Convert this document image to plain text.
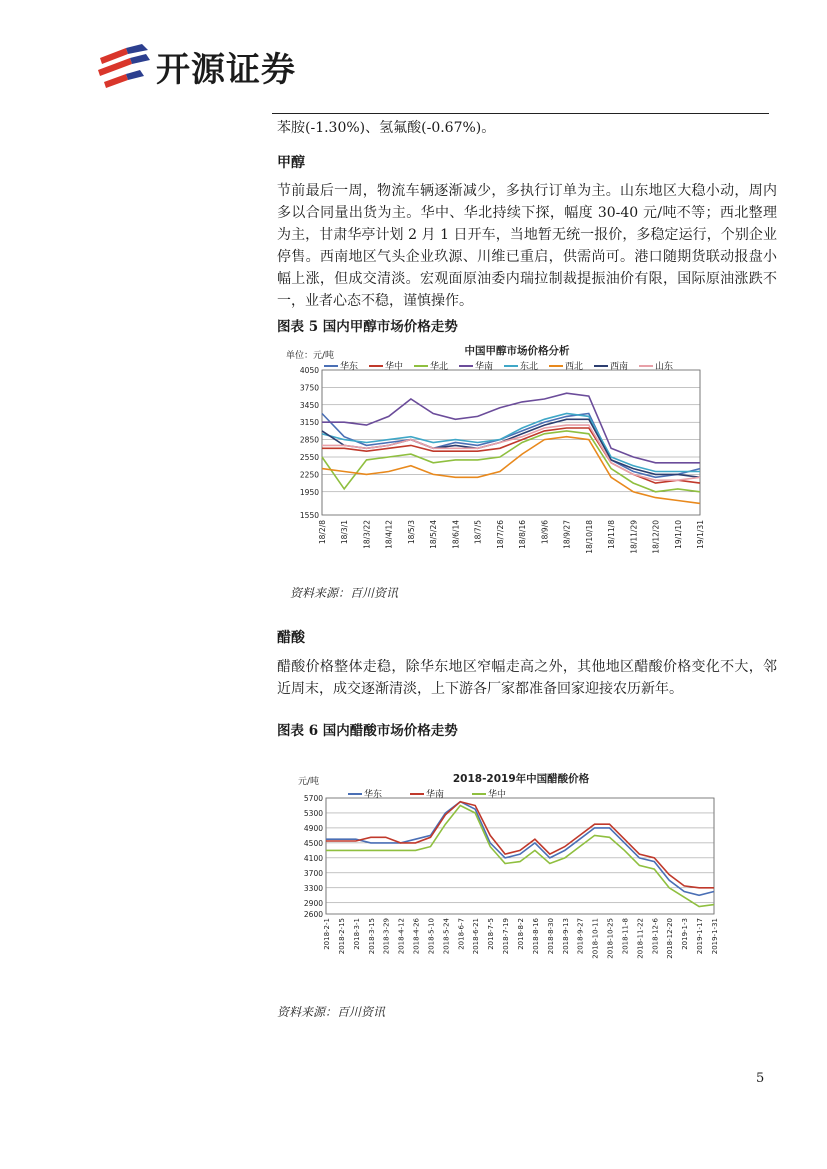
开源证券
苯胺(-1.30%)、氢氟酸(-0.67%)。
甲醇
节前最后一周，物流车辆逐渐减少，多执行订单为主。山东地区大稳小动，周内多以合同量出货为主。华中、华北持续下探，幅度 30-40 元/吨不等；西北整理为主，甘肃华亭计划 2 月 1 日开车，当地暂无统一报价，多稳定运行，个别企业停售。西南地区气头企业玖源、川维已重启，供需尚可。港口随期货联动报盘小幅上涨，但成交清淡。宏观面原油委内瑞拉制裁提振油价有限，国际原油涨跌不一，业者心态不稳，谨慎操作。
图表 5 国内甲醇市场价格走势
中国甲醇市场价格分析
单位：元/吨
华东	华中	华北	华南	东北	西北	西南	山东
4050
3750
3450
3150
2850
2550
2250
1950
1550
18/2/8 18/3/1 18/3/22 18/4/12 18/5/3 18/5/24 18/6/14 18/7/5 18/7/26 18/8/16 18/9/6 18/9/27 18/10/18 18/11/8 18/11/29 18/12/20 19/1/10 19/1/31
资料来源：百川资讯
醋酸
醋酸价格整体走稳，除华东地区窄幅走高之外，其他地区醋酸价格变化不大，邻近周末，成交逐渐清淡，上下游各厂家都准备回家迎接农历新年。
图表 6 国内醋酸市场价格走势
2018-2019年中国醋酸价格
元/吨
华东	华南	华中
5700
5300
4900
4500
4100
3700
3300
2900
2600
2018-2-1 2018-2-15 2018-3-1 2018-3-15 2018-3-29 2018-4-12 2018-4-26 2018-5-10 2018-5-24 2018-6-7 2018-6-21 2018-7-5 2018-7-19 2018-8-2 2018-8-16 2018-8-30 2018-9-13 2018-9-27 2018-10-11 2018-10-25 2018-11-8 2018-11-22 2018-12-6 2018-12-20 2019-1-3 2019-1-17 2019-1-31
资料来源：百川资讯
5
